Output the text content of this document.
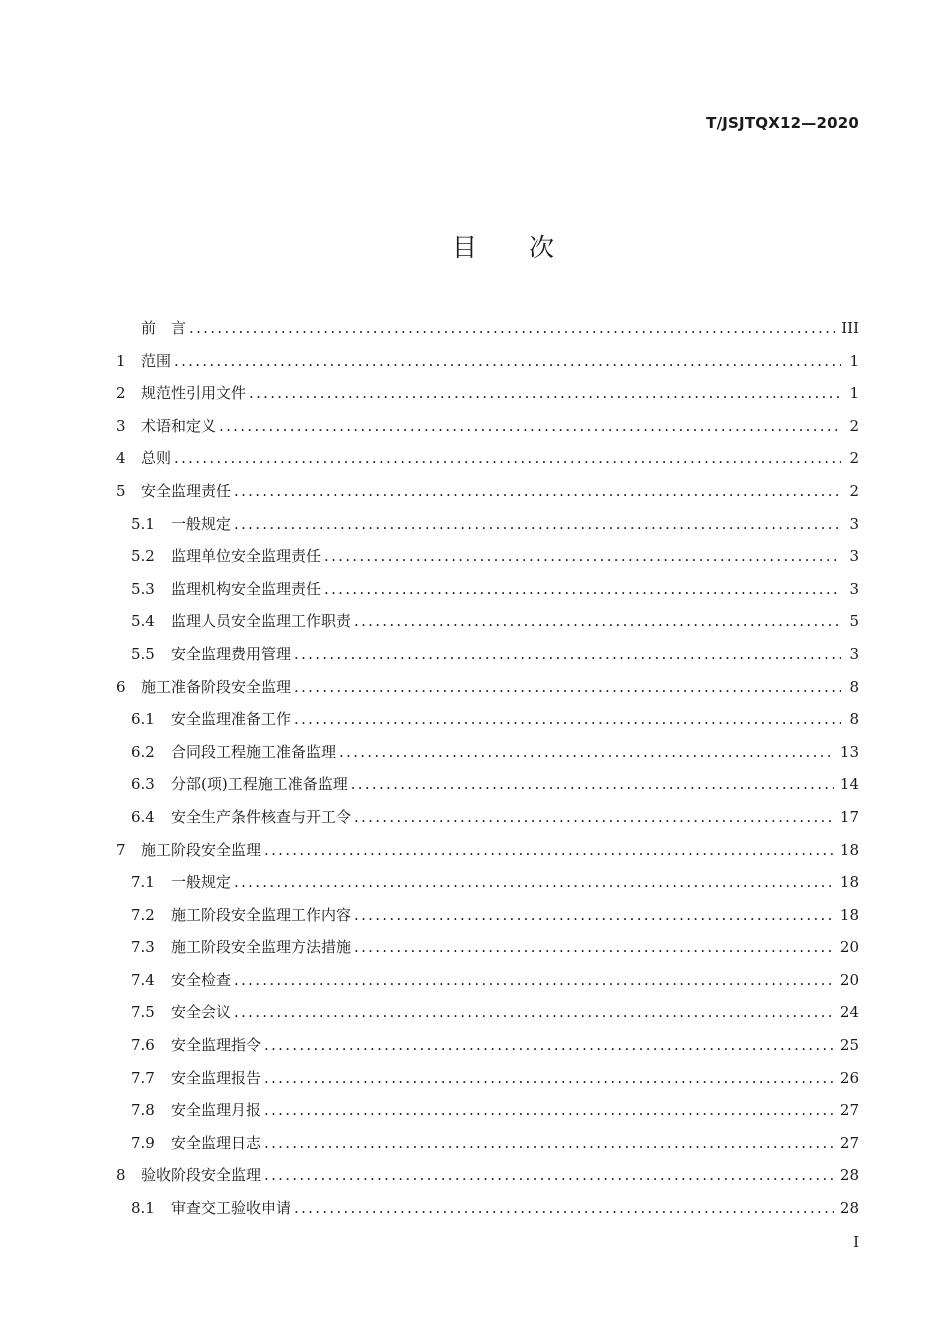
T/JSJTQX12—2020
目 次
前　言 .....	III
1	范围 .....	1
2	规范性引用文件 .....	1
3	术语和定义 .....	2
4	总则 .....	2
5	安全监理责任 .....	2
5.1	一般规定 .....	3
5.2	监理单位安全监理责任 .....	3
5.3	监理机构安全监理责任 .....	3
5.4	监理人员安全监理工作职责 .....	5
5.5	安全监理费用管理 .....	3
6	施工准备阶段安全监理 .....	8
6.1	安全监理准备工作 .....	8
6.2	合同段工程施工准备监理 .....	13
6.3	分部(项)工程施工准备监理 .....	14
6.4	安全生产条件核查与开工令 .....	17
7	施工阶段安全监理 .....	18
7.1	一般规定 .....	18
7.2	施工阶段安全监理工作内容 .....	18
7.3	施工阶段安全监理方法措施 .....	20
7.4	安全检查 .....	20
7.5	安全会议 .....	24
7.6	安全监理指令 .....	25
7.7	安全监理报告 .....	26
7.8	安全监理月报 .....	27
7.9	安全监理日志 .....	27
8	验收阶段安全监理 .....	28
8.1	审查交工验收申请 .....	28
I
